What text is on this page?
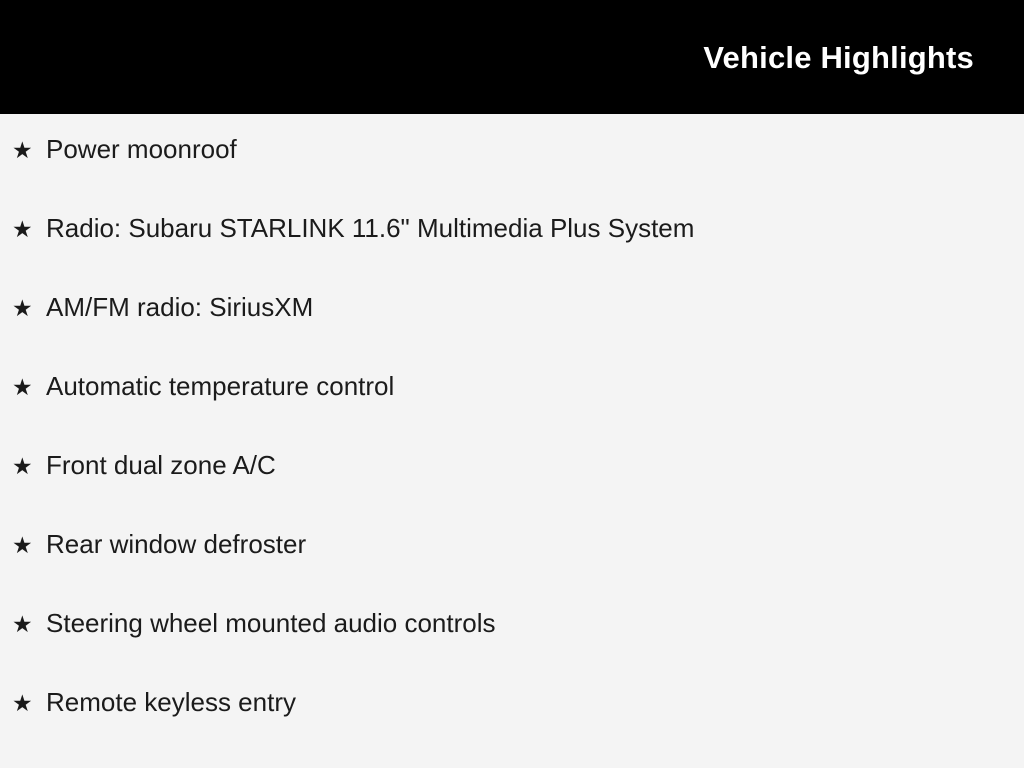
Vehicle Highlights
★ Power moonroof
★ Radio: Subaru STARLINK 11.6" Multimedia Plus System
★ AM/FM radio: SiriusXM
★ Automatic temperature control
★ Front dual zone A/C
★ Rear window defroster
★ Steering wheel mounted audio controls
★ Remote keyless entry
